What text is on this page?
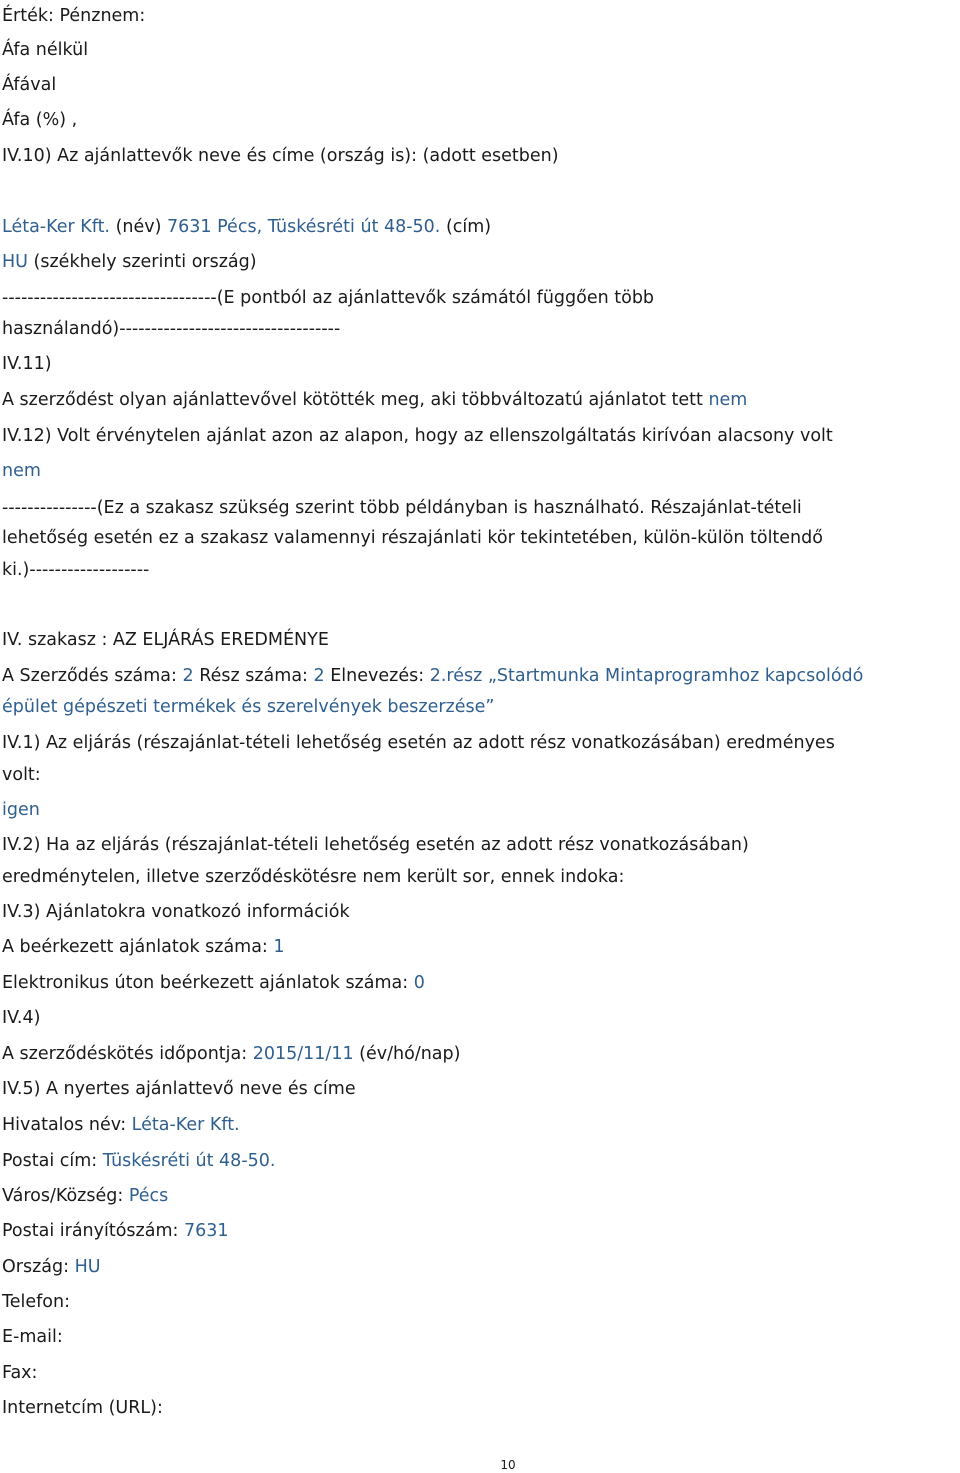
Érték: Pénznem:
Áfa nélkül
Áfával
Áfa (%) ,
IV.10) Az ajánlattevők neve és címe (ország is): (adott esetben)
Léta-Ker Kft. (név) 7631 Pécs, Tüskésréti út 48-50. (cím)
HU (székhely szerinti ország)
----------------------------------(E pontból az ajánlattevők számától függően több
használandó)-----------------------------------
IV.11)
A szerződést olyan ajánlattevővel kötötték meg, aki többváltozatú ajánlatot tett nem
IV.12) Volt érvénytelen ajánlat azon az alapon, hogy az ellenszolgáltatás kirívóan alacsony volt
nem
---------------(Ez a szakasz szükség szerint több példányban is használható. Részajánlat-tételi
lehetőség esetén ez a szakasz valamennyi részajánlati kör tekintetében, külön-külön töltendő
ki.)-------------------
IV. szakasz : AZ ELJÁRÁS EREDMÉNYE
A Szerződés száma: 2 Rész száma: 2 Elnevezés: 2.rész „Startmunka Mintaprogramhoz kapcsolódó
épület gépészeti termékek és szerelvények beszerzése”
IV.1) Az eljárás (részajánlat-tételi lehetőség esetén az adott rész vonatkozásában) eredményes
volt:
igen
IV.2) Ha az eljárás (részajánlat-tételi lehetőség esetén az adott rész vonatkozásában)
eredménytelen, illetve szerződéskötésre nem került sor, ennek indoka:
IV.3) Ajánlatokra vonatkozó információk
A beérkezett ajánlatok száma: 1
Elektronikus úton beérkezett ajánlatok száma: 0
IV.4)
A szerződéskötés időpontja: 2015/11/11 (év/hó/nap)
IV.5) A nyertes ajánlattevő neve és címe
Hivatalos név: Léta-Ker Kft.
Postai cím: Tüskésréti út 48-50.
Város/Község: Pécs
Postai irányítószám: 7631
Ország: HU
Telefon:
E-mail:
Fax:
Internetcím (URL):
10
